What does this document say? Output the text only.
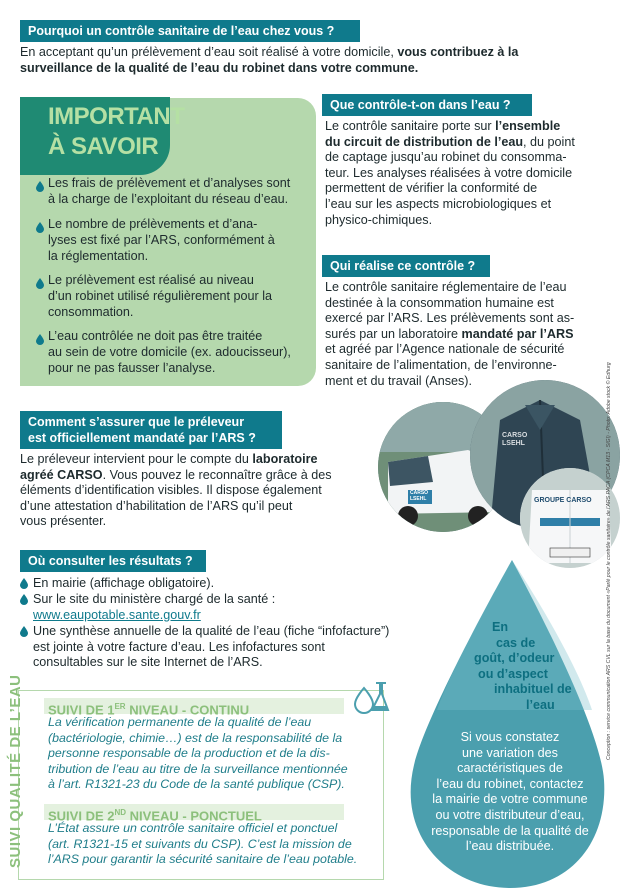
Pourquoi un contrôle sanitaire de l’eau chez vous ?
En acceptant qu’un prélèvement d’eau soit réalisé à votre domicile, vous contribuez à la
surveillance de la qualité de l’eau du robinet dans votre commune.
IMPORTANT
À SAVOIR
Les frais de prélèvement et d’analyses sont
à la charge de l’exploitant du réseau d’eau.
Le nombre de prélèvements et d’ana-
lyses est fixé par l’ARS, conformément à
la réglementation.
Le prélèvement est réalisé au niveau
d’un robinet utilisé régulièrement pour la
consommation.
L’eau contrôlée ne doit pas être traitée
au sein de votre domicile (ex. adoucisseur),
pour ne pas fausser l’analyse.
Que contrôle-t-on dans l’eau ?
Le contrôle sanitaire porte sur l’ensemble
du circuit de distribution de l’eau, du point
de captage jusqu’au robinet du consomma-
teur. Les analyses réalisées à votre domicile
permettent de vérifier la conformité de
l’eau sur les aspects microbiologiques et
physico-chimiques.
Qui réalise ce contrôle ?
Le contrôle sanitaire réglementaire de l’eau
destinée à la consommation humaine est
exercé par l’ARS. Les prélèvements sont as-
surés par un laboratoire mandaté par l’ARS
et agréé par l’Agence nationale de sécurité
sanitaire de l’alimentation, de l’environne-
ment et du travail (Anses).
Comment s’assurer que le préleveur
est officiellement mandaté par l’ARS ?
Le préleveur intervient pour le compte du laboratoire
agréé CARSO. Vous pouvez le reconnaître grâce à des
éléments d’identification visibles. Il dispose également
d’une attestation d’habilitation de l’ARS qu’il peut
vous présenter.
CARSO LSEHL
CARSO
LSEHL
GROUPE CARSO
Où consulter les résultats ?
En mairie (affichage obligatoire).
Sur le site du ministère chargé de la santé :
www.eaupotable.sante.gouv.fr
Une synthèse annuelle de la qualité de l’eau (fiche “infofacture”)
est jointe à votre facture d’eau. Les infofactures sont
consultables sur le site Internet de l’ARS.
En
cas de
goût, d’odeur
ou d’aspect
inhabituel de
l’eau
Si vous constatez
une variation des
caractéristiques de
l’eau du robinet, contactez
la mairie de votre commune
ou votre distributeur d’eau,
responsable de la qualité de
l’eau distribuée.
SUIVI QUALITÉ DE L’EAU SUIVI DE 1ER NIVEAU - CONTINU
La vérification permanente de la qualité de l’eau
(bactériologie, chimie…) est de la responsabilité de la
personne responsable de la production et de la dis-
tribution de l’eau au titre de la surveillance mentionnée
à l’art. R1321-23 du Code de la santé publique (CSP).
SUIVI DE 2ND NIVEAU - PONCTUEL
L’État assure un contrôle sanitaire officiel et ponctuel
(art. R1321-15 et suivants du CSP). C’est la mission de
l’ARS pour garantir la sécurité sanitaire de l’eau potable.
Conception : service communication ARS CVL sur la base du document «Parlé pour le contrôle sanitaire» de l’ARS PACA (CPCA M13 - SIGI) - Photo: Adobe stock © Edhurg
